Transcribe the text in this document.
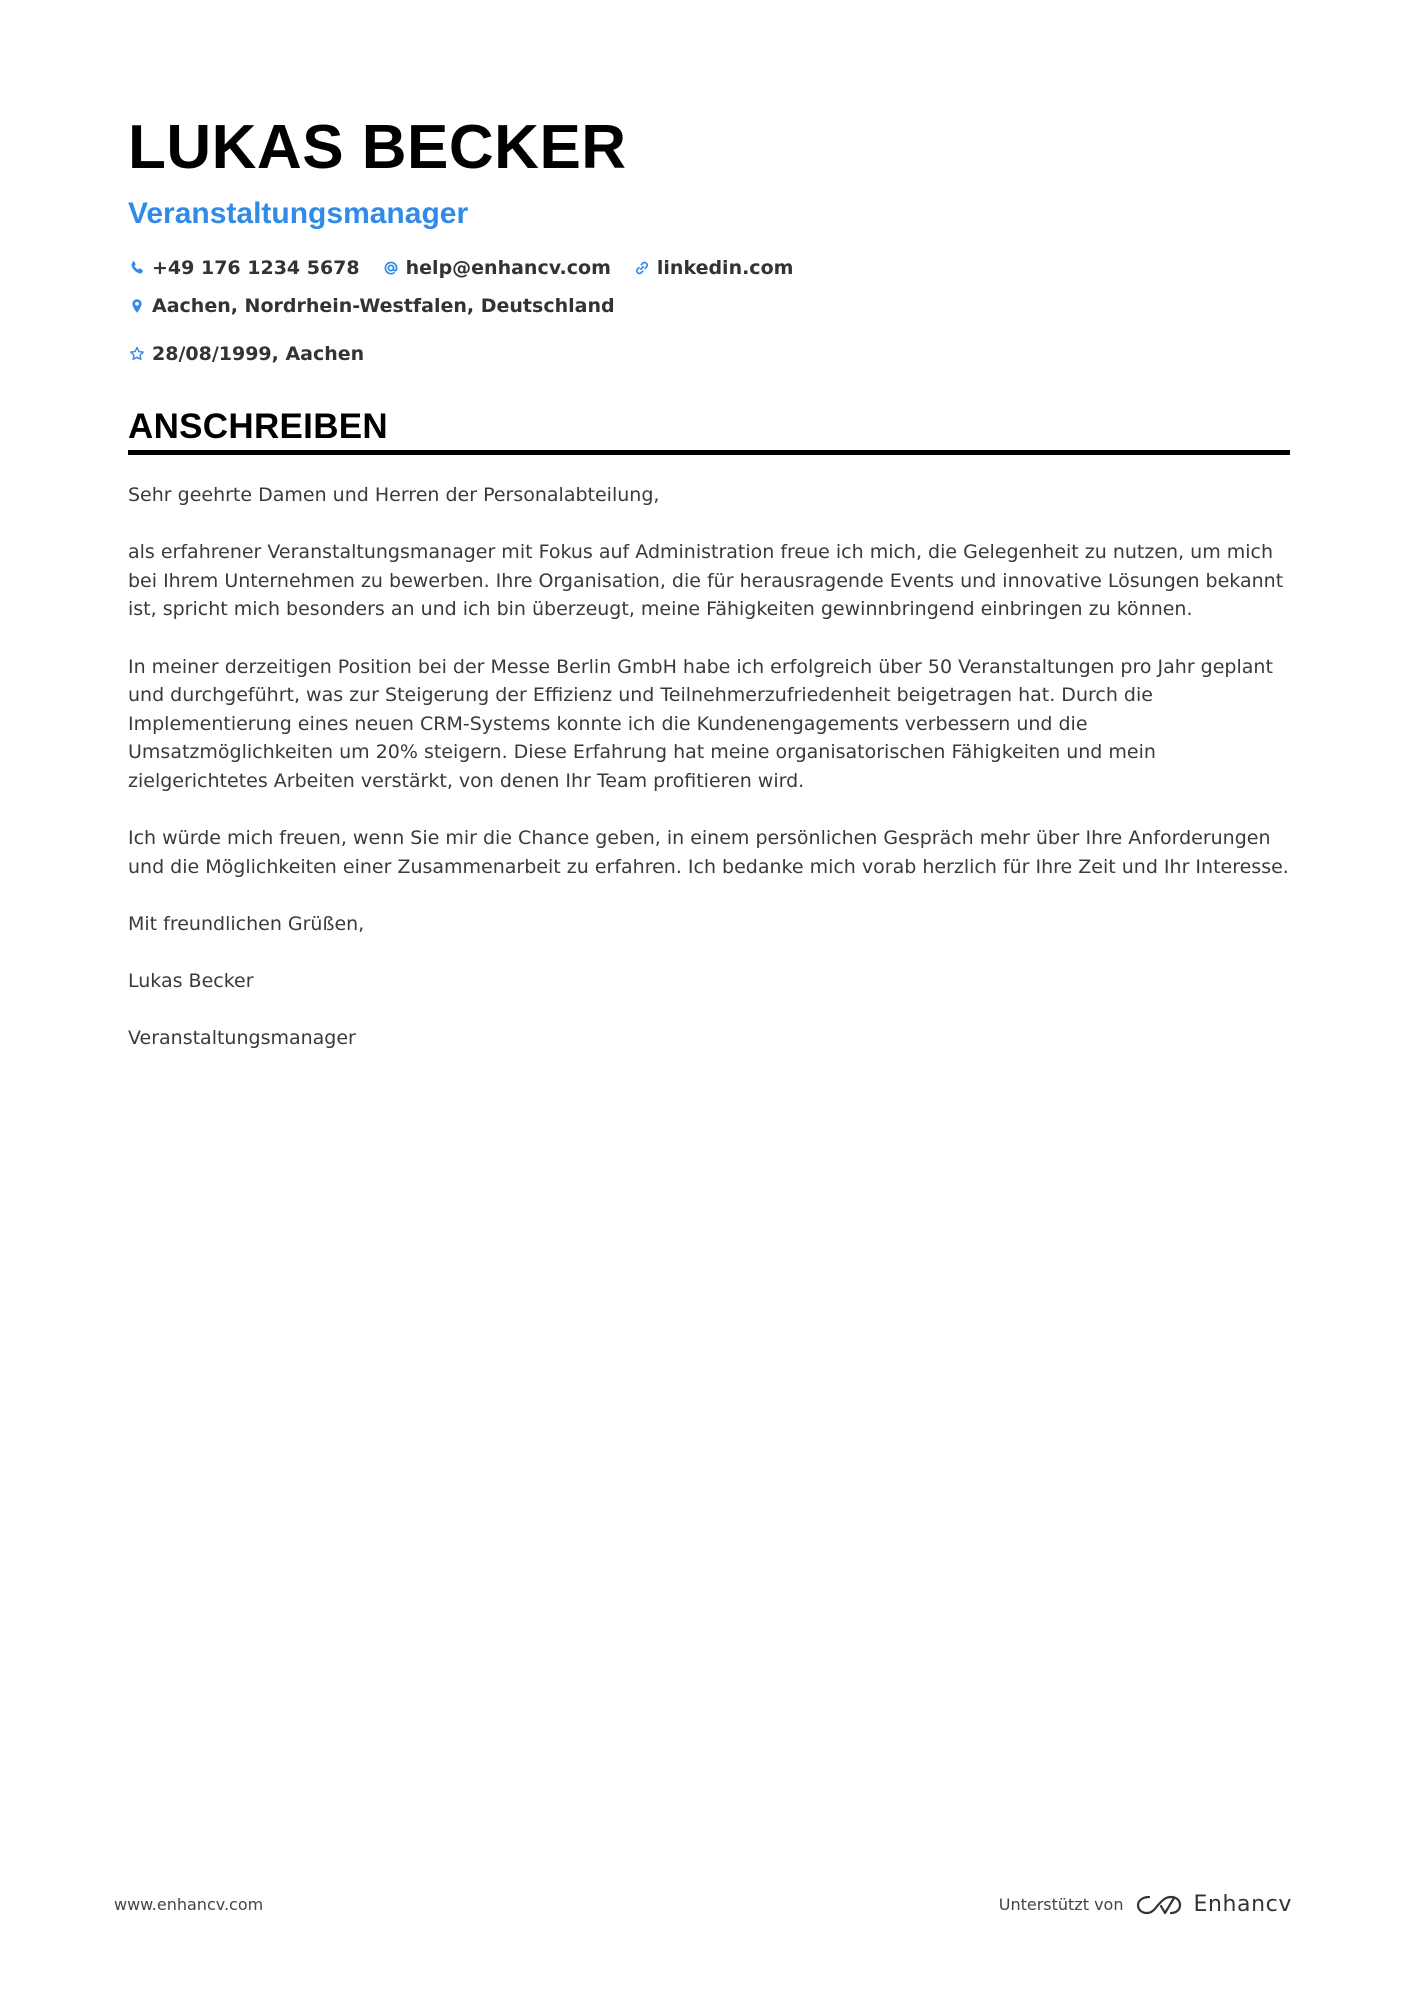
LUKAS BECKER
Veranstaltungsmanager
+49 176 1234 5678 help@enhancv.com linkedin.com
Aachen, Nordrhein-Westfalen, Deutschland
28/08/1999, Aachen
ANSCHREIBEN

Sehr geehrte Damen und Herren der Personalabteilung,

als erfahrener Veranstaltungsmanager mit Fokus auf Administration freue ich mich, die Gelegenheit zu nutzen, um mich bei Ihrem Unternehmen zu bewerben. Ihre Organisation, die für herausragende Events und innovative Lösungen bekannt ist, spricht mich besonders an und ich bin überzeugt, meine Fähigkeiten gewinnbringend einbringen zu können.

In meiner derzeitigen Position bei der Messe Berlin GmbH habe ich erfolgreich über 50 Veranstaltungen pro Jahr geplant und durchgeführt, was zur Steigerung der Effizienz und Teilnehmerzufriedenheit beigetragen hat. Durch die Implementierung eines neuen CRM-Systems konnte ich die Kundenengagements verbessern und die Umsatzmöglichkeiten um 20% steigern. Diese Erfahrung hat meine organisatorischen Fähigkeiten und mein zielgerichtetes Arbeiten verstärkt, von denen Ihr Team profitieren wird.

Ich würde mich freuen, wenn Sie mir die Chance geben, in einem persönlichen Gespräch mehr über Ihre Anforderungen und die Möglichkeiten einer Zusammenarbeit zu erfahren. Ich bedanke mich vorab herzlich für Ihre Zeit und Ihr Interesse.

Mit freundlichen Grüßen,

Lukas Becker

Veranstaltungsmanager

www.enhancv.com	Unterstützt von	Enhancv
